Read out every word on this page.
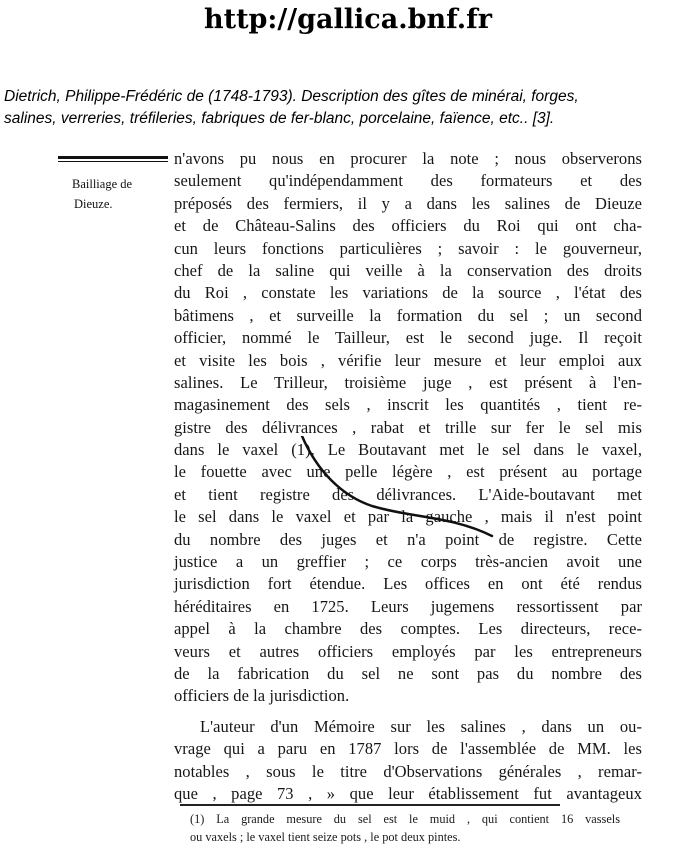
http://gallica.bnf.fr
Dietrich, Philippe-Frédéric de (1748-1793). Description des gîtes de minérai, forges,
salines, verreries, tréfileries, fabriques de fer-blanc, porcelaine, faïence, etc.. [3].
Bailliage de
Dieuze.
n'avons pu nous en procurer la note ; nous observerons
seulement qu'indépendamment des formateurs et des
préposés des fermiers, il y a dans les salines de Dieuze
et de Château-Salins des officiers du Roi qui ont cha-
cun leurs fonctions particulières ; savoir : le gouverneur,
chef de la saline qui veille à la conservation des droits
du Roi , constate les variations de la source , l'état des
bâtimens , et surveille la formation du sel ; un second
officier, nommé le Tailleur, est le second juge. Il reçoit
et visite les bois , vérifie leur mesure et leur emploi aux
salines. Le Trilleur, troisième juge , est présent à l'en-
magasinement des sels , inscrit les quantités , tient re-
gistre des délivrances , rabat et trille sur fer le sel mis
dans le vaxel (1). Le Boutavant met le sel dans le vaxel,
le fouette avec une pelle légère , est présent au portage
et tient registre des délivrances. L'Aide-boutavant met
le sel dans le vaxel et par la gauche , mais il n'est point
du nombre des juges et n'a point de registre. Cette
justice a un greffier ; ce corps très-ancien avoit une
jurisdiction fort étendue. Les offices en ont été rendus
héréditaires en 1725. Leurs jugemens ressortissent par
appel à la chambre des comptes. Les directeurs, rece-
veurs et autres officiers employés par les entrepreneurs
de la fabrication du sel ne sont pas du nombre des
officiers de la jurisdiction.
L'auteur d'un Mémoire sur les salines , dans un ou-
vrage qui a paru en 1787 lors de l'assemblée de MM. les
notables , sous le titre d'Observations générales , remar-
que , page 73 , » que leur établissement fut avantageux
(1) La grande mesure du sel est le muid , qui contient 16 vassels
ou vaxels ; le vaxel tient seize pots , le pot deux pintes.
